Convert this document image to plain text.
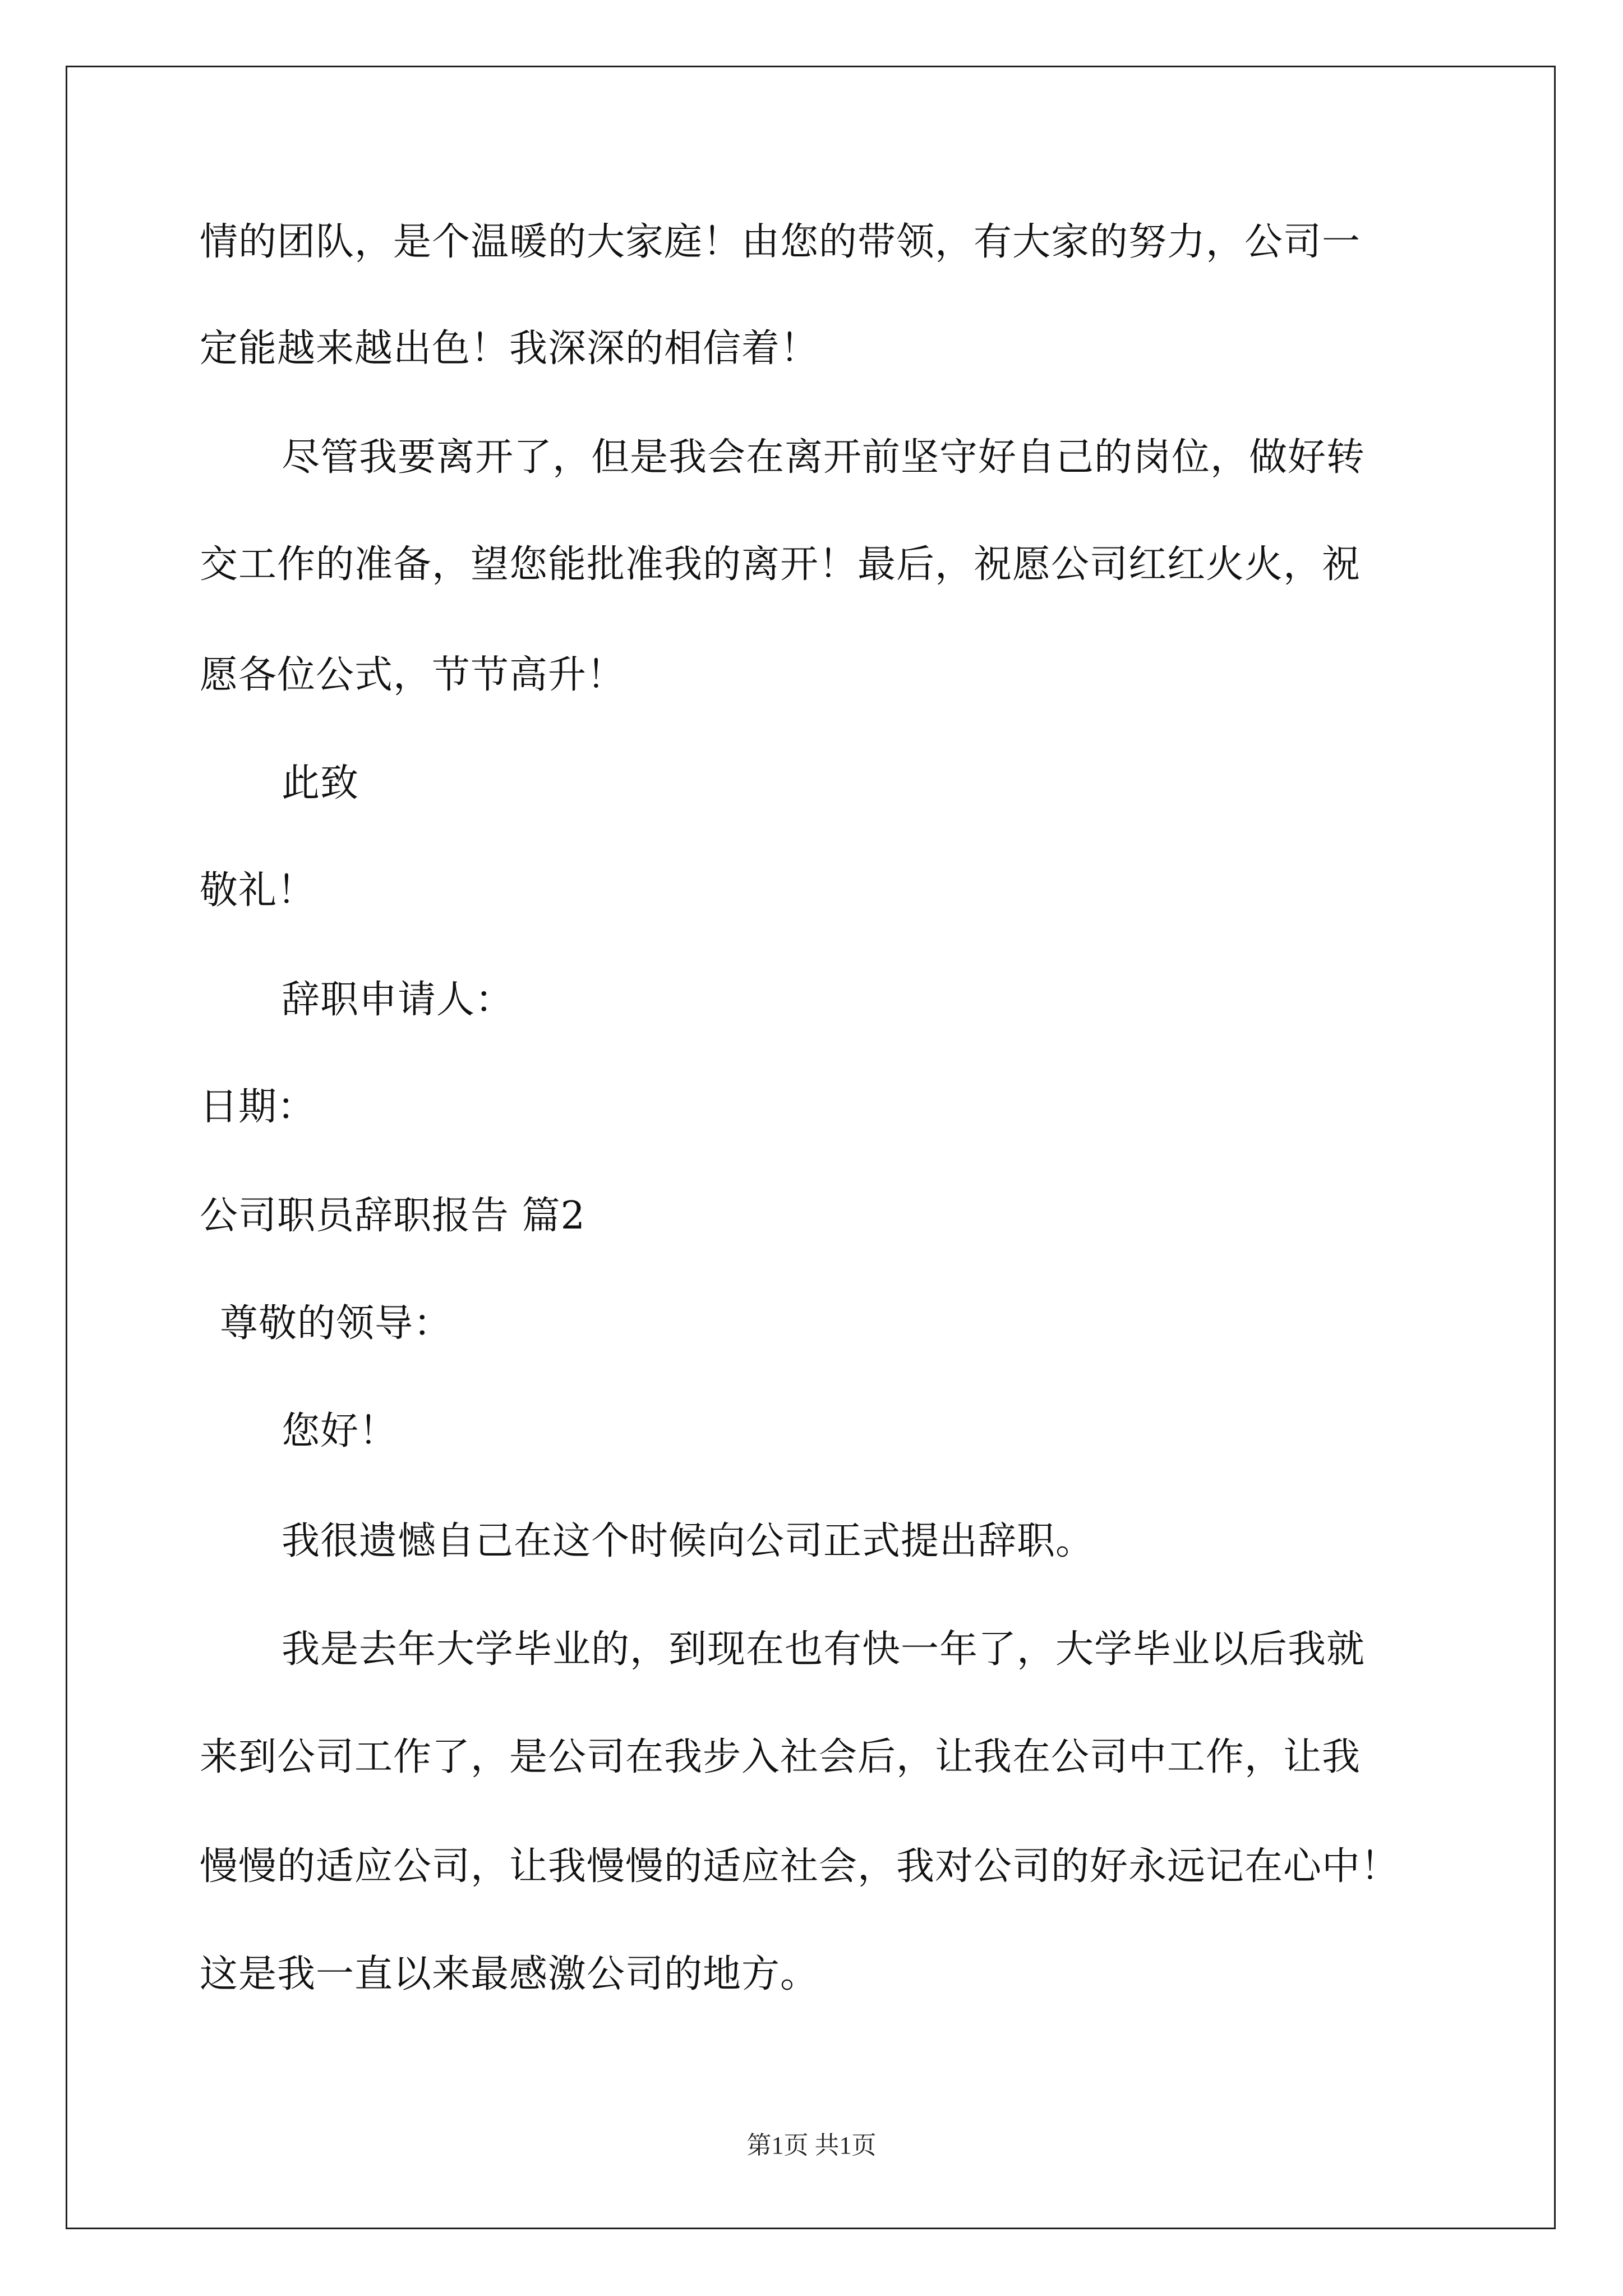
情的团队，是个温暖的大家庭！由您的带领，有大家的努力，公司一
定能越来越出色！我深深的相信着！
尽管我要离开了，但是我会在离开前坚守好自己的岗位，做好转
交工作的准备，望您能批准我的离开！最后，祝愿公司红红火火，祝
愿各位公式，节节高升！
此致
敬礼！
辞职申请人：
日期：
公司职员辞职报告 篇2
尊敬的领导：
您好！
我很遗憾自己在这个时候向公司正式提出辞职。
我是去年大学毕业的，到现在也有快一年了，大学毕业以后我就
来到公司工作了，是公司在我步入社会后，让我在公司中工作，让我
慢慢的适应公司，让我慢慢的适应社会，我对公司的好永远记在心中！
这是我一直以来最感激公司的地方。
第1页 共1页
